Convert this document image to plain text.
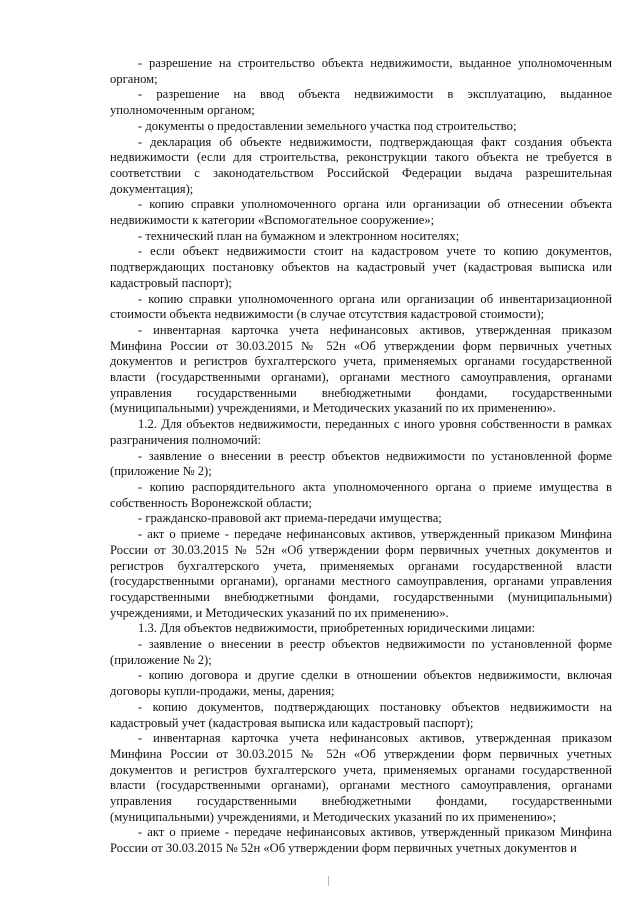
- разрешение на строительство объекта недвижимости, выданное уполномоченным органом;

- разрешение на ввод объекта недвижимости в эксплуатацию, выданное уполномоченным органом;

- документы о предоставлении земельного участка под строительство;

- декларация об объекте недвижимости, подтверждающая факт создания объекта недвижимости (если для строительства, реконструкции такого объекта не требуется в соответствии с законодательством Российской Федерации выдача разрешительная документация);

- копию справки уполномоченного органа или организации об отнесении объекта недвижимости к категории «Вспомогательное сооружение»;

- технический план на бумажном и электронном носителях;

- если объект недвижимости стоит на кадастровом учете то копию документов, подтверждающих постановку объектов на кадастровый учет (кадастровая выписка или кадастровый паспорт);

- копию справки уполномоченного органа или организации об инвентаризационной стоимости объекта недвижимости (в случае отсутствия кадастровой стоимости);

- инвентарная карточка учета нефинансовых активов, утвержденная приказом Минфина России от 30.03.2015 № 52н «Об утверждении форм первичных учетных документов и регистров бухгалтерского учета, применяемых органами государственной власти (государственными органами), органами местного самоуправления, органами управления государственными внебюджетными фондами, государственными (муниципальными) учреждениями, и Методических указаний по их применению».

1.2. Для объектов недвижимости, переданных с иного уровня собственности в рамках разграничения полномочий:

- заявление о внесении в реестр объектов недвижимости по установленной форме (приложение № 2);

- копию распорядительного акта уполномоченного органа о приеме имущества в собственность Воронежской области;

- гражданско-правовой акт приема-передачи имущества;

- акт о приеме - передаче нефинансовых активов, утвержденный приказом Минфина России от 30.03.2015 № 52н «Об утверждении форм первичных учетных документов и регистров бухгалтерского учета, применяемых органами государственной власти (государственными органами), органами местного самоуправления, органами управления государственными внебюджетными фондами, государственными (муниципальными) учреждениями, и Методических указаний по их применению».

1.3. Для объектов недвижимости, приобретенных юридическими лицами:

- заявление о внесении в реестр объектов недвижимости по установленной форме (приложение № 2);

- копию договора и другие сделки в отношении объектов недвижимости, включая договоры купли-продажи, мены, дарения;

- копию документов, подтверждающих постановку объектов недвижимости на кадастровый учет (кадастровая выписка или кадастровый паспорт);

- инвентарная карточка учета нефинансовых активов, утвержденная приказом Минфина России от 30.03.2015 № 52н «Об утверждении форм первичных учетных документов и регистров бухгалтерского учета, применяемых органами государственной власти (государственными органами), органами местного самоуправления, органами управления государственными внебюджетными фондами, государственными (муниципальными) учреждениями, и Методических указаний по их применению»;

- акт о приеме - передаче нефинансовых активов, утвержденный приказом Минфина России от 30.03.2015 № 52н «Об утверждении форм первичных учетных документов и
